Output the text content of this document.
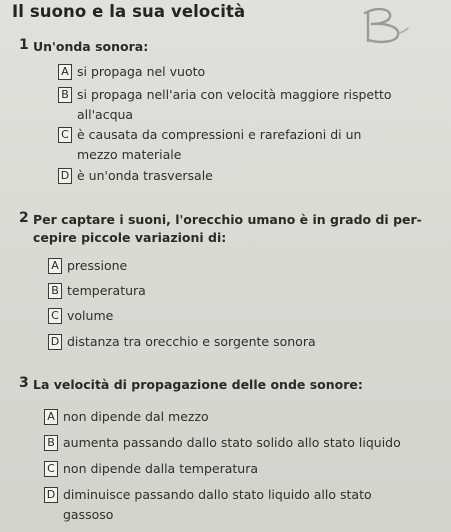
Il suono e la sua velocità
1 Un'onda sonora:

A si propaga nel vuoto
B si propaga nell'aria con velocità maggiore rispetto all'acqua
C è causata da compressioni e rarefazioni di un mezzo materiale
D è un'onda trasversale
2 Per captare i suoni, l'orecchio umano è in grado di per-cepire piccole variazioni di:

A pressione
B temperatura
C volume
D distanza tra orecchio e sorgente sonora
3 La velocità di propagazione delle onde sonore:

A non dipende dal mezzo
B aumenta passando dallo stato solido allo stato liquido
C non dipende dalla temperatura
D diminuisce passando dallo stato liquido allo stato gassoso
